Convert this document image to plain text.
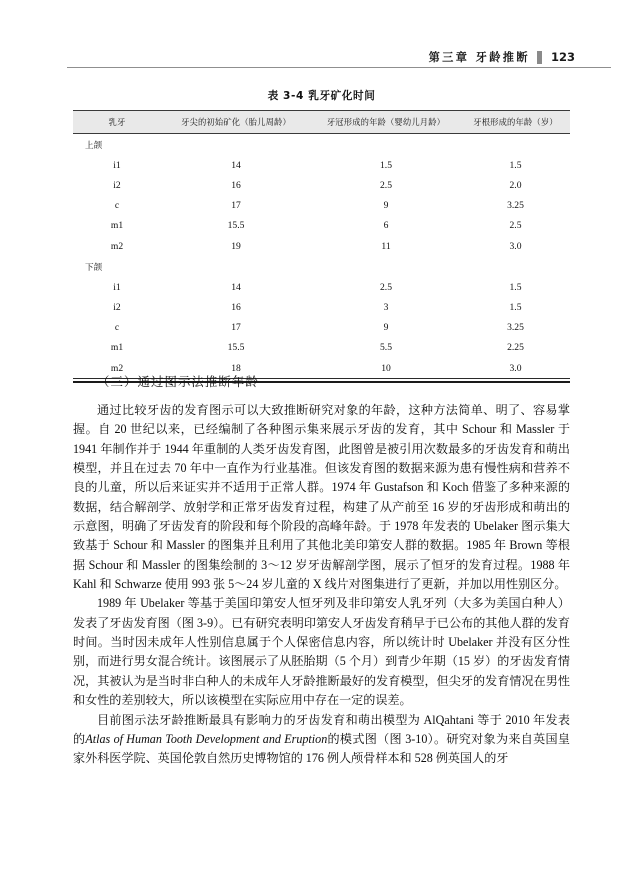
第三章 牙龄推断 123
表 3-4 乳牙矿化时间
乳牙	牙尖的初始矿化（胎儿周龄）	牙冠形成的年龄（婴幼儿月龄）	牙根形成的年龄（岁）
上颌			
i1	14	1.5	1.5
i2	16	2.5	2.0
c	17	9	3.25
m1	15.5	6	2.5
m2	19	11	3.0
下颌			
i1	14	2.5	1.5
i2	16	3	1.5
c	17	9	3.25
m1	15.5	5.5	2.25
m2	18	10	3.0
（三）通过图示法推断年龄

通过比较牙齿的发育图示可以大致推断研究对象的年龄，这种方法简单、明了、容易掌握。自 20 世纪以来，已经编制了各种图示集来展示牙齿的发育，其中 Schour 和 Massler 于 1941 年制作并于 1944 年重制的人类牙齿发育图，此图曾是被引用次数最多的牙齿发育和萌出模型，并且在过去 70 年中一直作为行业基准。但该发育图的数据来源为患有慢性病和营养不良的儿童，所以后来证实并不适用于正常人群。1974 年 Gustafson 和 Koch 借鉴了多种来源的数据，结合解剖学、放射学和正常牙齿发育过程，构建了从产前至 16 岁的牙齿形成和萌出的示意图，明确了牙齿发育的阶段和每个阶段的高峰年龄。于 1978 年发表的 Ubelaker 图示集大致基于 Schour 和 Massler 的图集并且利用了其他北美印第安人群的数据。1985 年 Brown 等根据 Schour 和 Massler 的图集绘制的 3～12 岁牙齿解剖学图，展示了恒牙的发育过程。1988 年 Kahl 和 Schwarze 使用 993 张 5～24 岁儿童的 X 线片对图集进行了更新，并加以用性别区分。

1989 年 Ubelaker 等基于美国印第安人恒牙列及非印第安人乳牙列（大多为美国白种人）发表了牙齿发育图（图 3-9）。已有研究表明印第安人牙齿发育稍早于已公布的其他人群的发育时间。当时因未成年人性别信息属于个人保密信息内容，所以统计时 Ubelaker 并没有区分性别，而进行男女混合统计。该图展示了从胚胎期（5 个月）到青少年期（15 岁）的牙齿发育情况，其被认为是当时非白种人的未成年人牙龄推断最好的发育模型，但尖牙的发育情况在男性和女性的差别较大，所以该模型在实际应用中存在一定的误差。

目前图示法牙龄推断最具有影响力的牙齿发育和萌出模型为 AlQahtani 等于 2010 年发表的Atlas of Human Tooth Development and Eruption的模式图（图 3-10）。研究对象为来自英国皇家外科医学院、英国伦敦自然历史博物馆的 176 例人颅骨样本和 528 例英国人的牙
